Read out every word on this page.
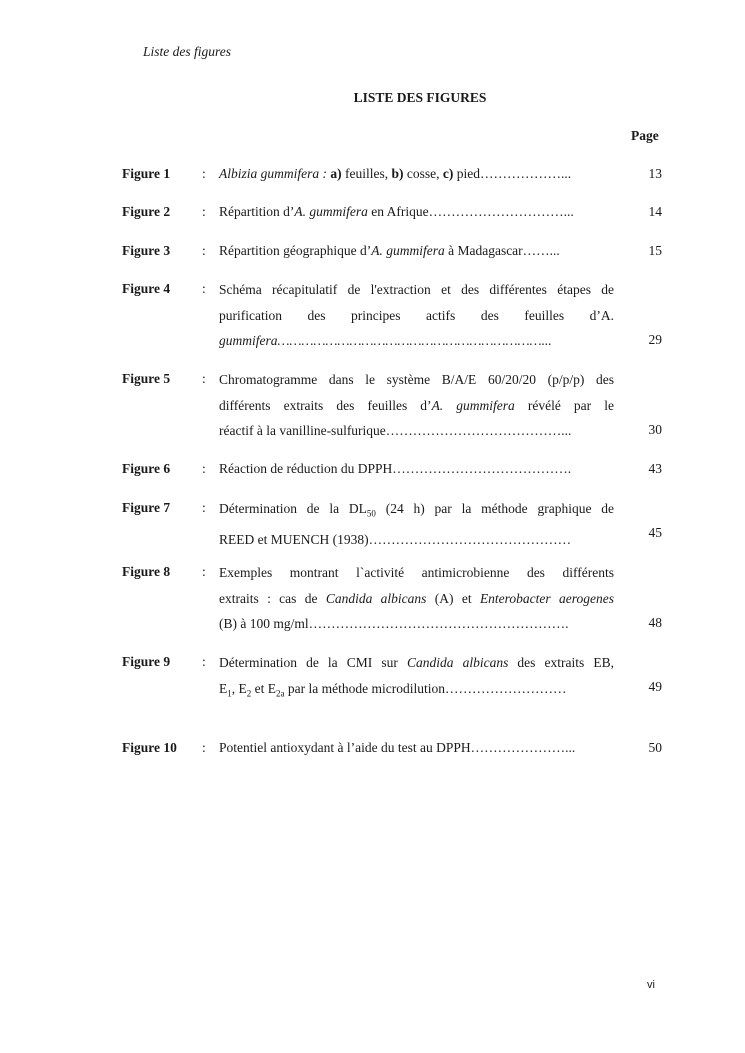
Liste des figures
LISTE DES FIGURES
Page
Figure 1 : Albizia gummifera : a) feuilles, b) cosse, c) pied………………...	13
Figure 2 : Répartition d’A. gummifera en Afrique…………………………...	14
Figure 3 : Répartition géographique d’A. gummifera à Madagascar……...	15
Figure 4 : Schéma récapitulatif de l'extraction et des différentes étapes de
purification des principes actifs des feuilles d’A.
gummifera…………………………………………………………...	29
Figure 5 : Chromatogramme dans le système B/A/E 60/20/20 (p/p/p) des
différents extraits des feuilles d’A. gummifera révélé par le
réactif à la vanilline-sulfurique…………………………………...	30
Figure 6 : Réaction de réduction du DPPH………………………………….	43
Figure 7 : Détermination de la $DL_{50}$ (24 h) par la méthode graphique de
REED et MUENCH (1938)………………………………………	45
Figure 8 : Exemples montrant l`activité antimicrobienne des différents
extraits : cas de Candida albicans (A) et Enterobacter aerogenes
(B) à 100 mg/ml………………………………………………….	48
Figure 9 : Détermination de la CMI sur Candida albicans des extraits EB,
$E_1$, $E_2$ et $E_{2a}$ par la méthode microdilution………………………	49
Figure 10 : Potentiel antioxydant à l’aide du test au DPPH…………………...	50
vi
